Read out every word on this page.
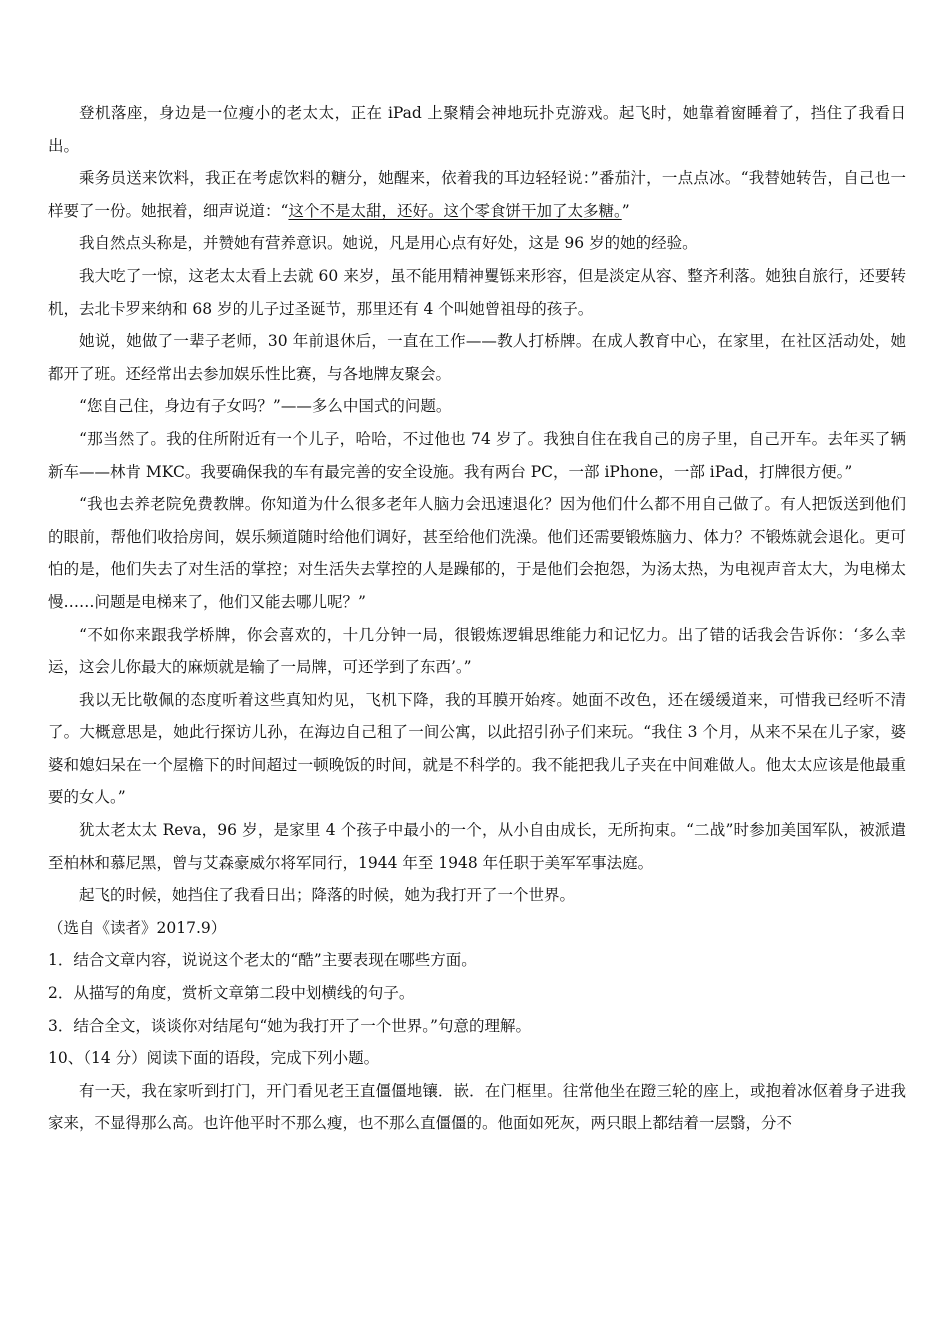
登机落座，身边是一位瘦小的老太太，正在 iPad 上聚精会神地玩扑克游戏。起飞时，她靠着窗睡着了，挡住了我看日出。

乘务员送来饮料，我正在考虑饮料的糖分，她醒来，依着我的耳边轻轻说：”番茄汁，一点点冰。“我替她转告，自己也一样要了一份。她抿着，细声说道：“这个不是太甜，还好。这个零食饼干加了太多糖。”

我自然点头称是，并赞她有营养意识。她说，凡是用心点有好处，这是 96 岁的她的经验。

我大吃了一惊，这老太太看上去就 60 来岁，虽不能用精神矍铄来形容，但是淡定从容、整齐利落。她独自旅行，还要转机，去北卡罗来纳和 68 岁的儿子过圣诞节，那里还有 4 个叫她曾祖母的孩子。

她说，她做了一辈子老师，30 年前退休后，一直在工作——教人打桥牌。在成人教育中心，在家里，在社区活动处，她都开了班。还经常出去参加娱乐性比赛，与各地牌友聚会。

“您自己住，身边有子女吗？”——多么中国式的问题。

“那当然了。我的住所附近有一个儿子，哈哈，不过他也 74 岁了。我独自住在我自己的房子里，自己开车。去年买了辆新车——林肯 MKC。我要确保我的车有最完善的安全设施。我有两台 PC，一部 iPhone，一部 iPad，打牌很方便。”

“我也去养老院免费教牌。你知道为什么很多老年人脑力会迅速退化？因为他们什么都不用自己做了。有人把饭送到他们的眼前，帮他们收拾房间，娱乐频道随时给他们调好，甚至给他们洗澡。他们还需要锻炼脑力、体力？不锻炼就会退化。更可怕的是，他们失去了对生活的掌控；对生活失去掌控的人是躁郁的，于是他们会抱怨，为汤太热，为电视声音太大，为电梯太慢……问题是电梯来了，他们又能去哪儿呢？”

“不如你来跟我学桥牌，你会喜欢的，十几分钟一局，很锻炼逻辑思维能力和记忆力。出了错的话我会告诉你：‘多么幸运，这会儿你最大的麻烦就是输了一局牌，可还学到了东西’。”

我以无比敬佩的态度听着这些真知灼见，飞机下降，我的耳膜开始疼。她面不改色，还在缓缓道来，可惜我已经听不清了。大概意思是，她此行探访儿孙，在海边自己租了一间公寓，以此招引孙子们来玩。“我住 3 个月，从来不呆在儿子家，婆婆和媳妇呆在一个屋檐下的时间超过一顿晚饭的时间，就是不科学的。我不能把我儿子夹在中间难做人。他太太应该是他最重要的女人。”

犹太老太太 Reva，96 岁，是家里 4 个孩子中最小的一个，从小自由成长，无所拘束。“二战”时参加美国军队，被派遣至柏林和慕尼黑，曾与艾森豪威尔将军同行，1944 年至 1948 年任职于美军军事法庭。

起飞的时候，她挡住了我看日出；降落的时候，她为我打开了一个世界。

（选自《读者》2017.9）

1．结合文章内容，说说这个老太的“酷”主要表现在哪些方面。

2．从描写的角度，赏析文章第二段中划横线的句子。

3．结合全文，谈谈你对结尾句“她为我打开了一个世界。”句意的理解。

10、（14 分）阅读下面的语段，完成下列小题。

有一天，我在家听到打门，开门看见老王直僵僵地镶．嵌．在门框里。往常他坐在蹬三轮的座上，或抱着冰伛着身子进我家来，不显得那么高。也许他平时不那么瘦，也不那么直僵僵的。他面如死灰，两只眼上都结着一层翳，分不
